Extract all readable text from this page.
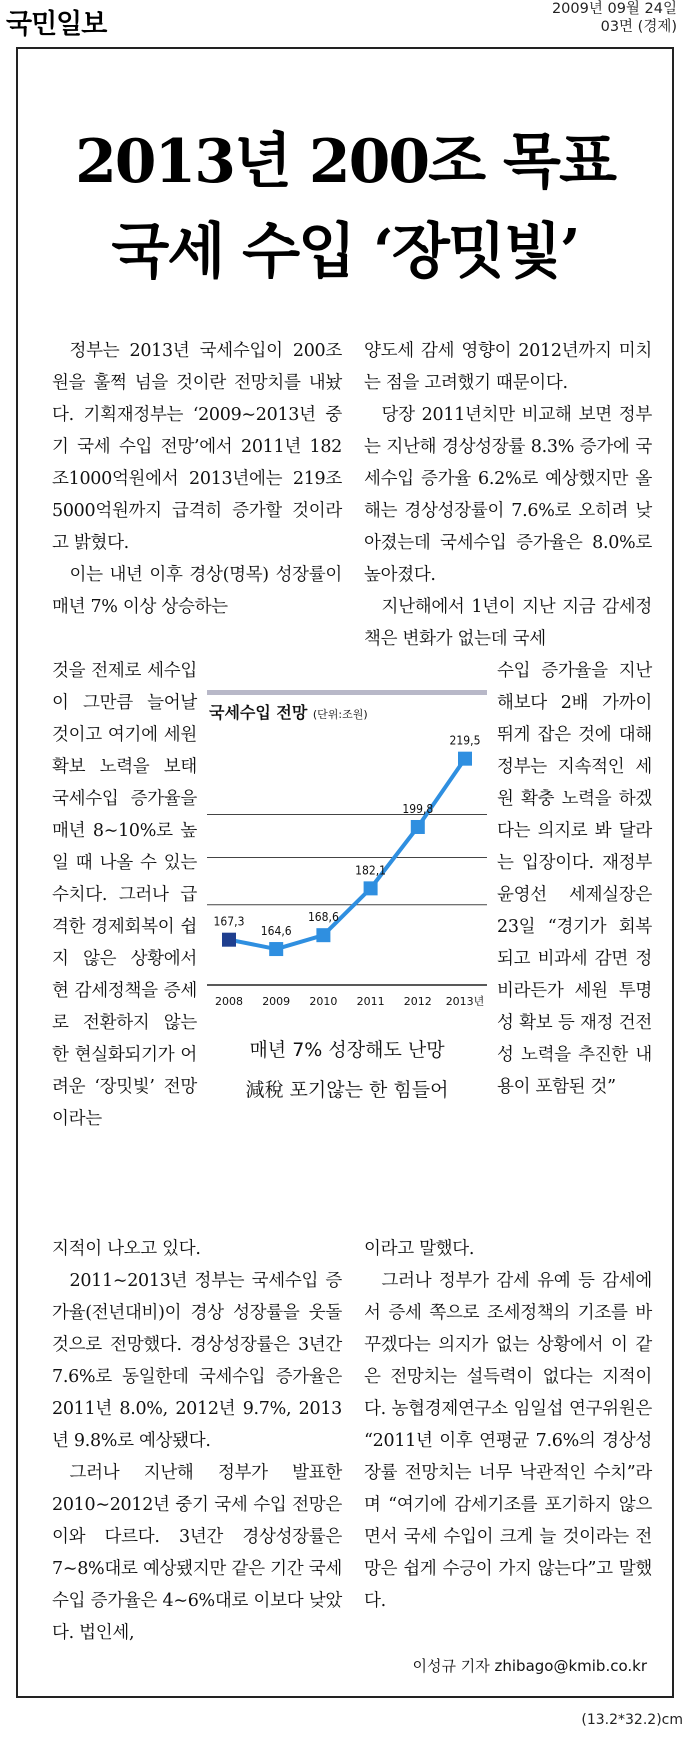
국민일보	2009년 09월 24일
03면 (경제)
2013년 200조 목표
국세 수입 ‘장밋빛’

정부는 2013년 국세수입이 200조원을 훌쩍 넘을 것이란 전망치를 내놨다. 기획재정부는 ‘2009∼2013년 중기 국세 수입 전망’에서 2011년 182조1000억원에서 2013년에는 219조5000억원까지 급격히 증가할 것이라고 밝혔다.

이는 내년 이후 경상(명목) 성장률이 매년 7% 이상 상승하는

것을 전제로 세수입이 그만큼 늘어날 것이고 여기에 세원확보 노력을 보태 국세수입 증가율을 매년 8∼10%로 높일 때 나올 수 있는 수치다. 그러나 급격한 경제회복이 쉽지 않은 상황에서 현 감세정책을 증세로 전환하지 않는 한 현실화되기가 어려운 ‘장밋빛’ 전망이라는

지적이 나오고 있다.

2011∼2013년 정부는 국세수입 증가율(전년대비)이 경상 성장률을 웃돌 것으로 전망했다. 경상성장률은 3년간 7.6%로 동일한데 국세수입 증가율은 2011년 8.0%, 2012년 9.7%, 2013년 9.8%로 예상됐다.

그러나 지난해 정부가 발표한 2010∼2012년 중기 국세 수입 전망은 이와 다르다. 3년간 경상성장률은 7∼8%대로 예상됐지만 같은 기간 국세수입 증가율은 4∼6%대로 이보다 낮았다. 법인세,

양도세 감세 영향이 2012년까지 미치는 점을 고려했기 때문이다.

당장 2011년치만 비교해 보면 정부는 지난해 경상성장률 8.3% 증가에 국세수입 증가율 6.2%로 예상했지만 올해는 경상성장률이 7.6%로 오히려 낮아졌는데 국세수입 증가율은 8.0%로 높아졌다.

지난해에서 1년이 지난 지금 감세정책은 변화가 없는데 국세

수입 증가율을 지난해보다 2배 가까이 뛰게 잡은 것에 대해 정부는 지속적인 세원 확충 노력을 하겠다는 의지로 봐 달라는 입장이다. 재정부 윤영선 세제실장은 23일 “경기가 회복되고 비과세 감면 정비라든가 세원 투명성 확보 등 재정 건전성 노력을 추진한 내용이 포함된 것”

이라고 말했다.

그러나 정부가 감세 유예 등 감세에서 증세 쪽으로 조세정책의 기조를 바꾸겠다는 의지가 없는 상황에서 이 같은 전망치는 설득력이 없다는 지적이다. 농협경제연구소 임일섭 연구위원은 “2011년 이후 연평균 7.6%의 경상성장률 전망치는 너무 낙관적인 수치”라며 “여기에 감세기조를 포기하지 않으면서 국세 수입이 크게 늘 것이라는 전망은 쉽게 수긍이 가지 않는다”고 말했다.

이성규 기자 zhibago@kmib.co.kr
(13.2*32.2)cm
167,3
2008
164,6
2009
168,6
2010
182,1
2011
199,8
2012
219,5
2013년
국세수입 전망 (단위:조원)
매년 7% 성장해도 난망
減稅 포기않는 한 힘들어
